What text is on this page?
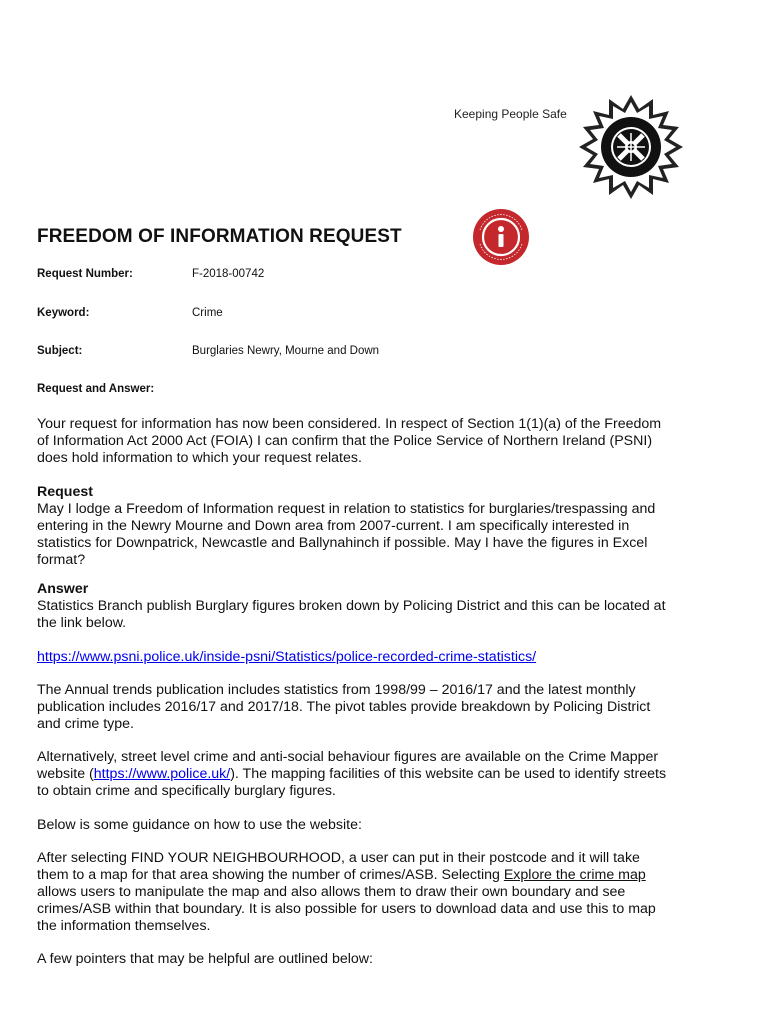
Keeping People Safe
FREEDOM OF INFORMATION REQUEST
Request Number:	F-2018-00742
Keyword:	Crime
Subject:	Burglaries Newry, Mourne and Down
Request and Answer:
Your request for information has now been considered. In respect of Section 1(1)(a) of the Freedom
of Information Act 2000 Act (FOIA) I can confirm that the Police Service of Northern Ireland (PSNI)
does hold information to which your request relates.
Request
May I lodge a Freedom of Information request in relation to statistics for burglaries/trespassing and
entering in the Newry Mourne and Down area from 2007-current. I am specifically interested in
statistics for Downpatrick, Newcastle and Ballynahinch if possible. May I have the figures in Excel
format?
Answer
Statistics Branch publish Burglary figures broken down by Policing District and this can be located at
the link below.
https://www.psni.police.uk/inside-psni/Statistics/police-recorded-crime-statistics/
The Annual trends publication includes statistics from 1998/99 – 2016/17 and the latest monthly
publication includes 2016/17 and 2017/18. The pivot tables provide breakdown by Policing District
and crime type.
Alternatively, street level crime and anti-social behaviour figures are available on the Crime Mapper
website (https://www.police.uk/). The mapping facilities of this website can be used to identify streets
to obtain crime and specifically burglary figures.
Below is some guidance on how to use the website:
After selecting FIND YOUR NEIGHBOURHOOD, a user can put in their postcode and it will take
them to a map for that area showing the number of crimes/ASB. Selecting Explore the crime map
allows users to manipulate the map and also allows them to draw their own boundary and see
crimes/ASB within that boundary. It is also possible for users to download data and use this to map
the information themselves.
A few pointers that may be helpful are outlined below:
